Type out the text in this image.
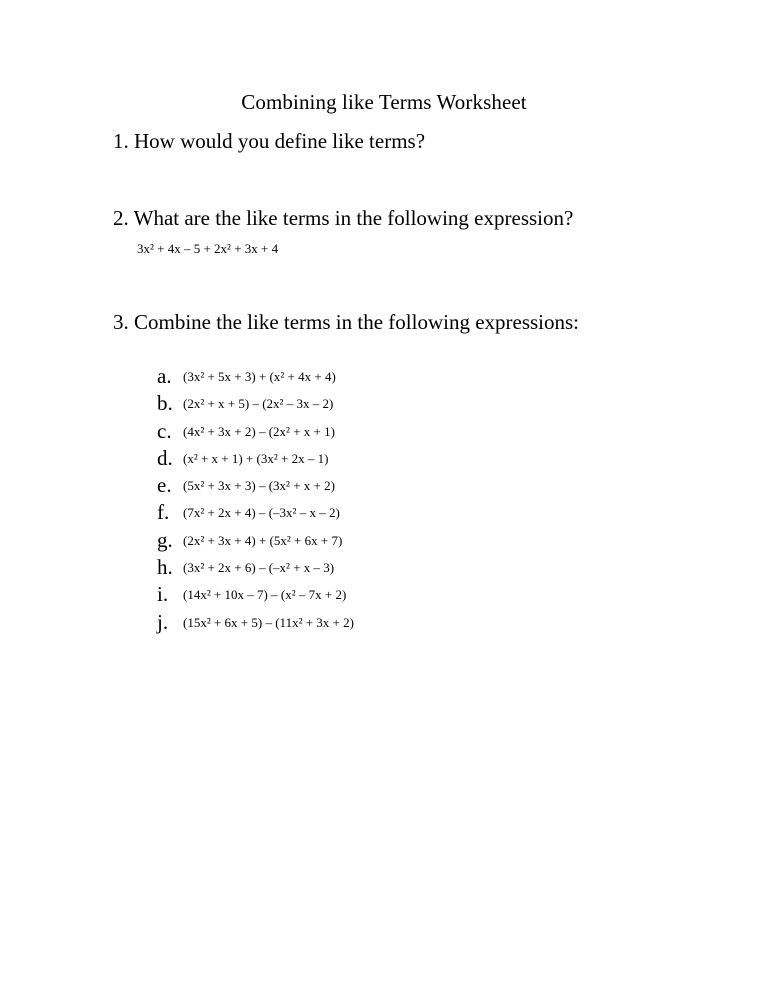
Combining like Terms Worksheet
1. How would you define like terms?
2. What are the like terms in the following expression?
3x² + 4x – 5 + 2x² + 3x + 4
3. Combine the like terms in the following expressions:
a. (3x² + 5x + 3) + (x² + 4x + 4)
b. (2x² + x + 5) – (2x² – 3x – 2)
c. (4x² + 3x + 2) – (2x² + x + 1)
d. (x² + x + 1) + (3x² + 2x – 1)
e. (5x² + 3x + 3) – (3x² + x + 2)
f. (7x² + 2x + 4) – (–3x² – x – 2)
g. (2x² + 3x + 4) + (5x² + 6x + 7)
h. (3x² + 2x + 6) – (–x² + x – 3)
i. (14x² + 10x – 7) – (x² – 7x + 2)
j. (15x² + 6x + 5) – (11x² + 3x + 2)
